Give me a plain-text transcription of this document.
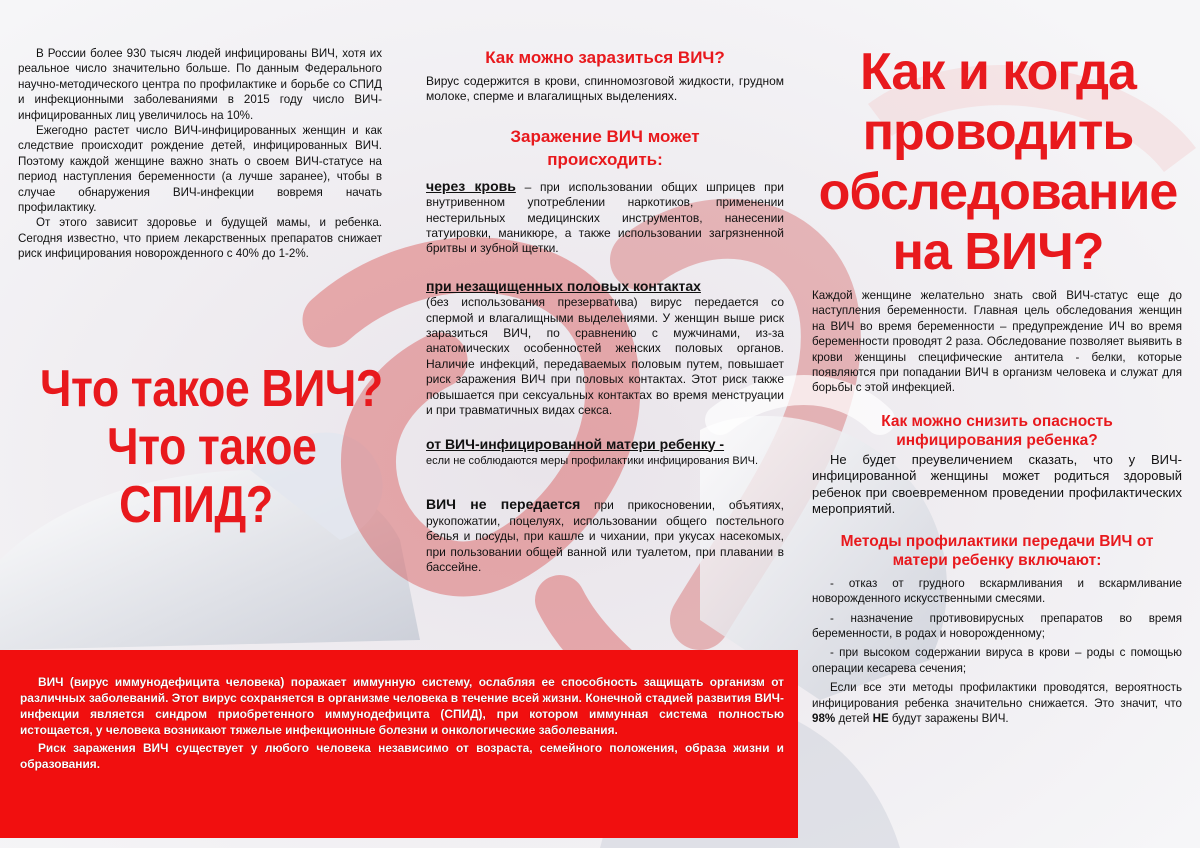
В России более 930 тысяч людей инфицированы ВИЧ, хотя их реальное число значительно больше. По данным Федерального научно-методического центра по профилактике и борьбе со СПИД и инфекционными заболеваниями в 2015 году число ВИЧ-инфицированных лиц увеличилось на 10%.

Ежегодно растет число ВИЧ-инфицированных женщин и как следствие происходит рождение детей, инфицированных ВИЧ. Поэтому каждой женщине важно знать о своем ВИЧ-статусе на период наступления беременности (а лучше заранее), чтобы в случае обнаружения ВИЧ-инфекции вовремя начать профилактику.

От этого зависит здоровье и будущей мамы, и ребенка. Сегодня известно, что прием лекарственных препаратов снижает риск инфицирования новорожденного с 40% до 1-2%.

Что такое ВИЧ?
Что такое
СПИД?
Как можно заразиться ВИЧ?

Вирус содержится в крови, спинномозговой жидкости, грудном молоке, сперме и влагалищных выделениях.

Заражение ВИЧ может
происходить:

через кровь – при использовании общих шприцев при внутривенном употреблении наркотиков, применении нестерильных медицинских инструментов, нанесении татуировки, маникюре, а также использовании загрязненной бритвы и зубной щетки.

при незащищенных половых контактах
(без использования презерватива) вирус передается со спермой и влагалищными выделениями. У женщин выше риск заразиться ВИЧ, по сравнению с мужчинами, из-за анатомических особенностей женских половых органов. Наличие инфекций, передаваемых половым путем, повышает риск заражения ВИЧ при половых контактах. Этот риск также повышается при сексуальных контактах во время менструации и при травматичных видах секса.

от ВИЧ-инфицированной матери ребенку -
если не соблюдаются меры профилактики инфицирования ВИЧ.

ВИЧ не передается при прикосновении, объятиях, рукопожатии, поцелуях, использовании общего постельного белья и посуды, при кашле и чихании, при укусах насекомых, при пользовании общей ванной или туалетом, при плавании в бассейне.

Как и когда
проводить
обследование
на ВИЧ?

Каждой женщине желательно знать свой ВИЧ-статус еще до наступления беременности. Главная цель обследования женщин на ВИЧ во время беременности – предупреждение ИЧ во время беременности проводят 2 раза. Обследование позволяет выявить в крови женщины специфические антитела - белки, которые появляются при попадании ВИЧ в организм человека и служат для борьбы с этой инфекцией.

Как можно снизить опасность
инфицирования ребенка?

Не будет преувеличением сказать, что у ВИЧ-инфицированной женщины может родиться здоровый ребенок при своевременном проведении профилактических мероприятий.

Методы профилактики передачи ВИЧ от
матери ребенку включают:

- отказ от грудного вскармливания и вскармливание новорожденного искусственными смесями.

- назначение противовирусных препаратов во время беременности, в родах и новорожденному;

- при высоком содержании вируса в крови – роды с помощью операции кесарева сечения;

Если все эти методы профилактики проводятся, вероятность инфицирования ребенка значительно снижается. Это значит, что 98% детей НЕ будут заражены ВИЧ.

ВИЧ (вирус иммунодефицита человека) поражает иммунную систему, ослабляя ее способность защищать организм от различных заболеваний. Этот вирус сохраняется в организме человека в течение всей жизни. Конечной стадией развития ВИЧ-инфекции является синдром приобретенного иммунодефицита (СПИД), при котором иммунная система полностью истощается, у человека возникают тяжелые инфекционные болезни и онкологические заболевания.

Риск заражения ВИЧ существует у любого человека независимо от возраста, семейного положения, образа жизни и образования.
